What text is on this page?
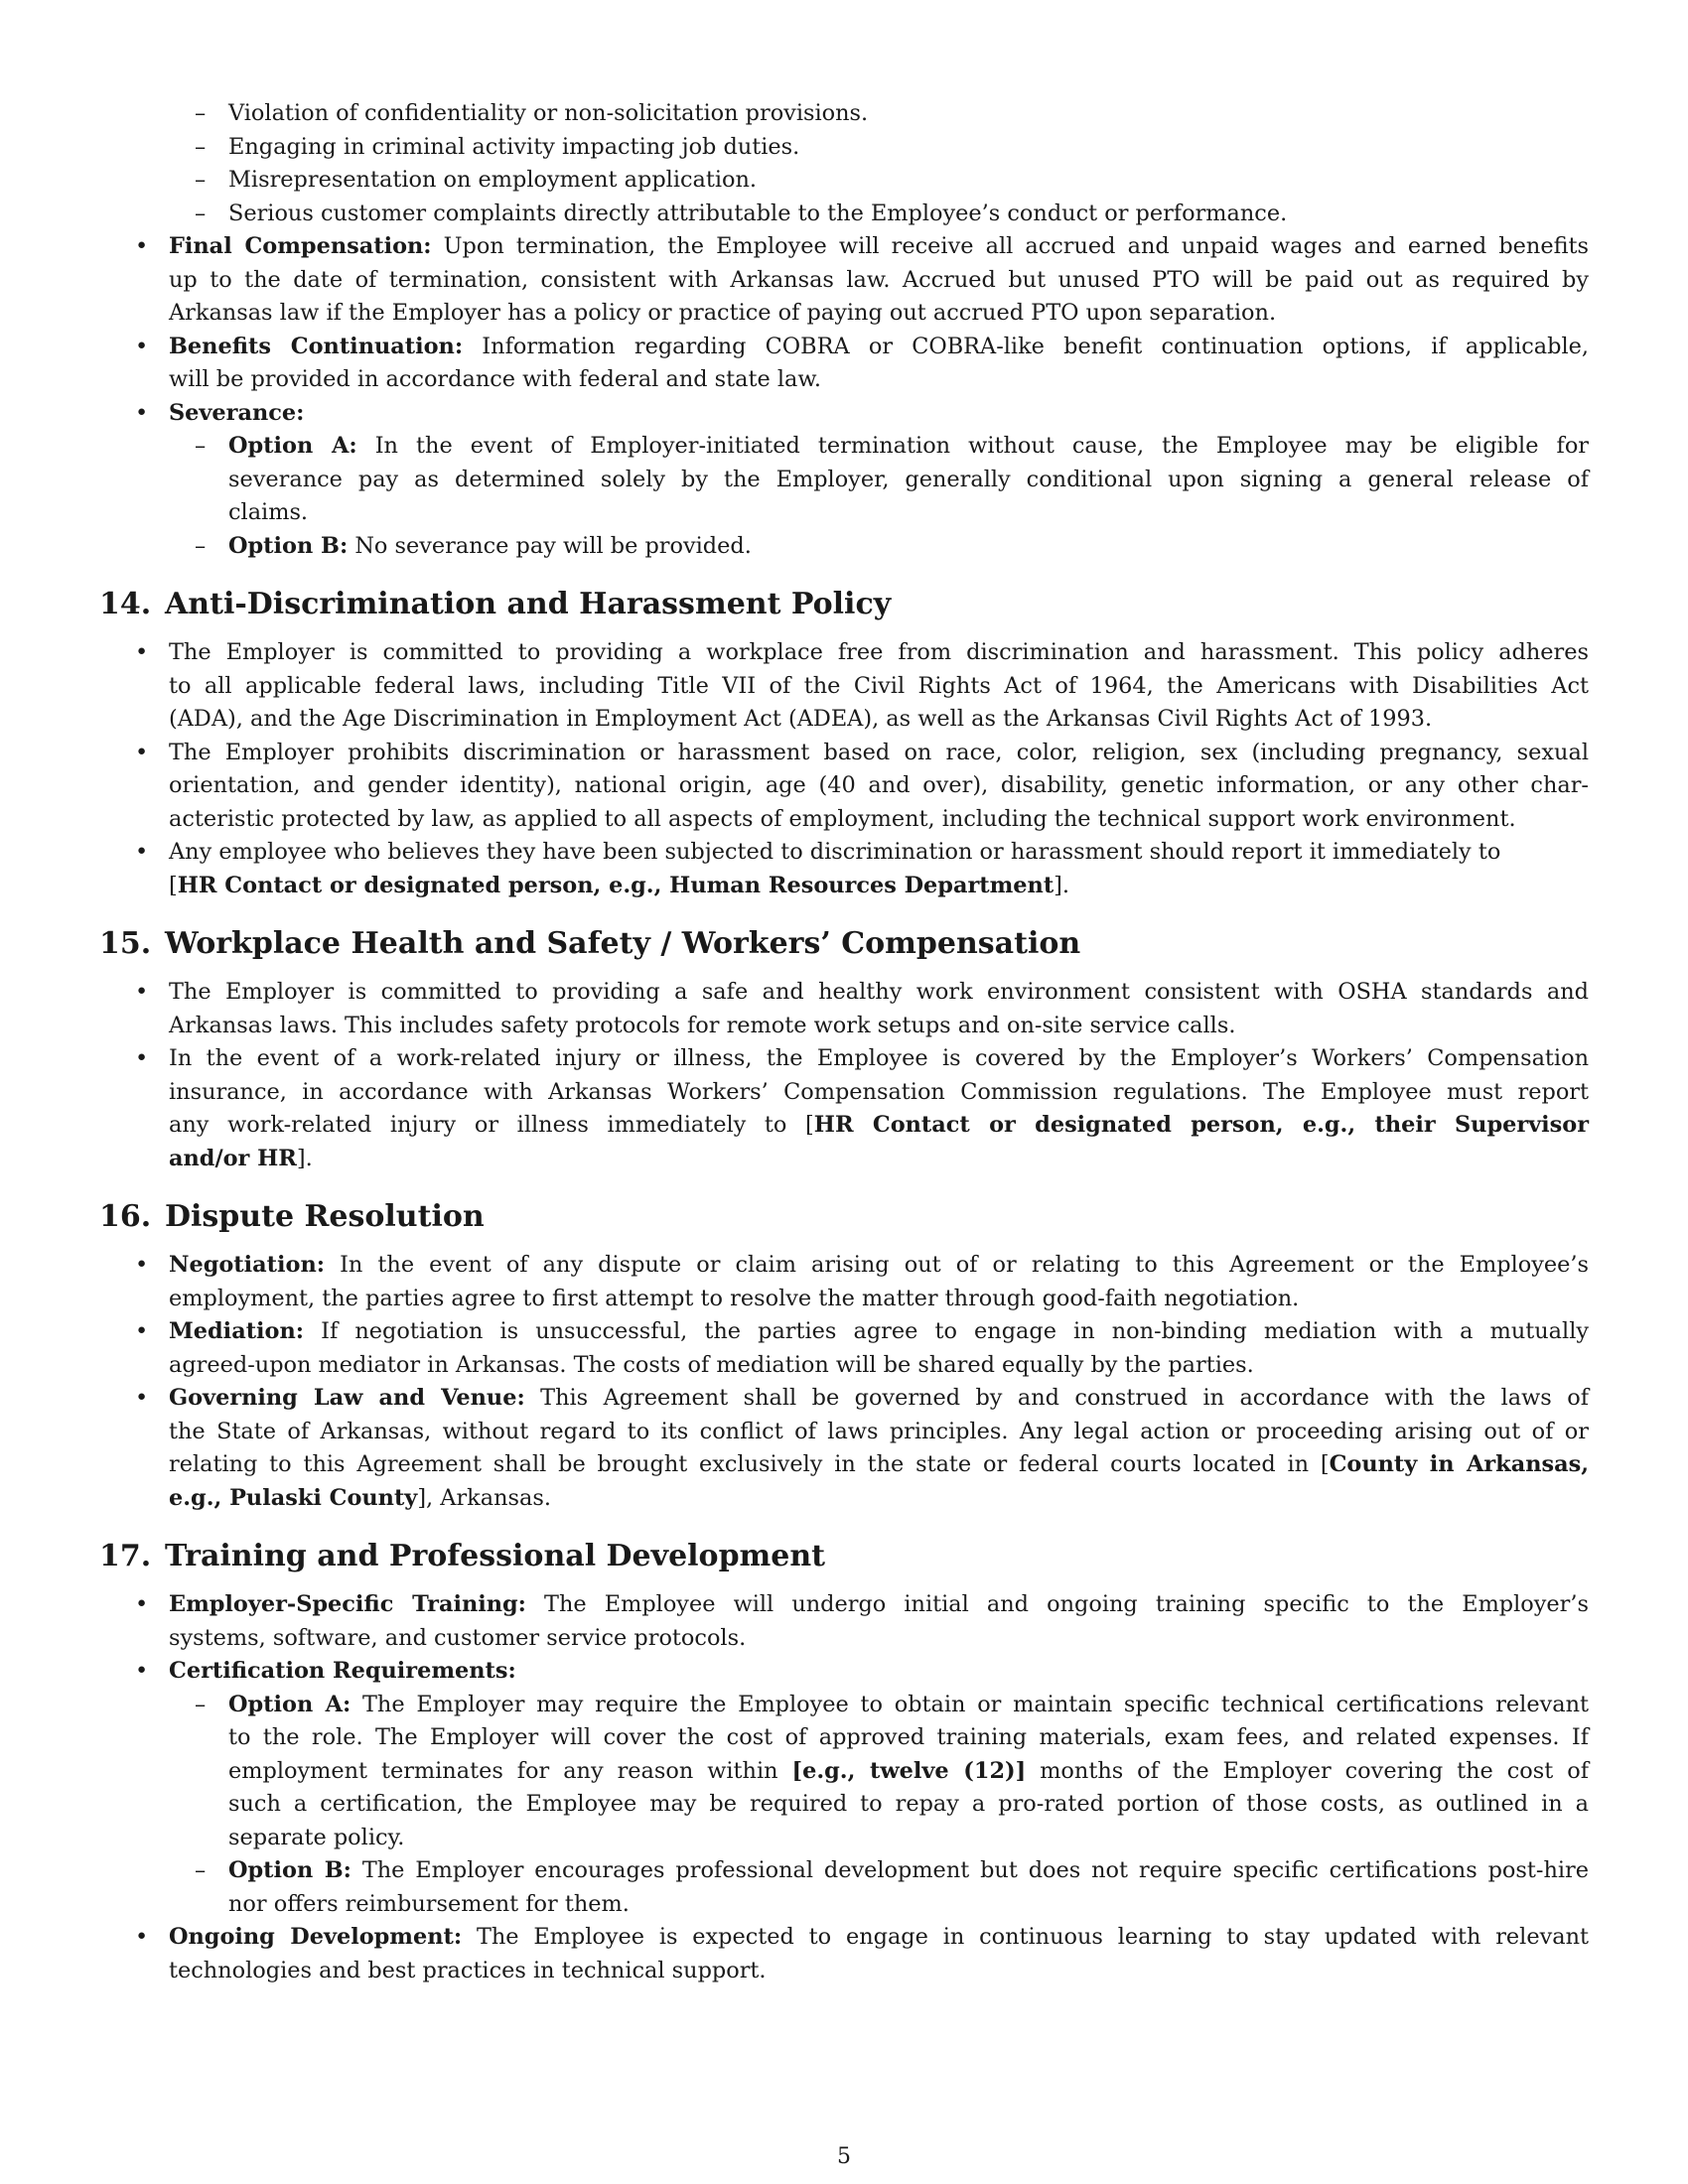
– Violation of confidentiality or non-solicitation provisions.
– Engaging in criminal activity impacting job duties.
– Misrepresentation on employment application.
– Serious customer complaints directly attributable to the Employee’s conduct or performance.
• Final Compensation: Upon termination, the Employee will receive all accrued and unpaid wages and earned benefits
up to the date of termination, consistent with Arkansas law. Accrued but unused PTO will be paid out as required by
Arkansas law if the Employer has a policy or practice of paying out accrued PTO upon separation.
• Benefits Continuation: Information regarding COBRA or COBRA-like benefit continuation options, if applicable,
will be provided in accordance with federal and state law.
• Severance:
– Option A: In the event of Employer-initiated termination without cause, the Employee may be eligible for
severance pay as determined solely by the Employer, generally conditional upon signing a general release of
claims.
– Option B: No severance pay will be provided.
14. Anti-Discrimination and Harassment Policy
• The Employer is committed to providing a workplace free from discrimination and harassment. This policy adheres
to all applicable federal laws, including Title VII of the Civil Rights Act of 1964, the Americans with Disabilities Act
(ADA), and the Age Discrimination in Employment Act (ADEA), as well as the Arkansas Civil Rights Act of 1993.
• The Employer prohibits discrimination or harassment based on race, color, religion, sex (including pregnancy, sexual
orientation, and gender identity), national origin, age (40 and over), disability, genetic information, or any other char-
acteristic protected by law, as applied to all aspects of employment, including the technical support work environment.
• Any employee who believes they have been subjected to discrimination or harassment should report it immediately to
[HR Contact or designated person, e.g., Human Resources Department].
15. Workplace Health and Safety / Workers’ Compensation
• The Employer is committed to providing a safe and healthy work environment consistent with OSHA standards and
Arkansas laws. This includes safety protocols for remote work setups and on-site service calls.
• In the event of a work-related injury or illness, the Employee is covered by the Employer’s Workers’ Compensation
insurance, in accordance with Arkansas Workers’ Compensation Commission regulations. The Employee must report
any work-related injury or illness immediately to [HR Contact or designated person, e.g., their Supervisor
and/or HR].
16. Dispute Resolution
• Negotiation: In the event of any dispute or claim arising out of or relating to this Agreement or the Employee’s
employment, the parties agree to first attempt to resolve the matter through good-faith negotiation.
• Mediation: If negotiation is unsuccessful, the parties agree to engage in non-binding mediation with a mutually
agreed-upon mediator in Arkansas. The costs of mediation will be shared equally by the parties.
• Governing Law and Venue: This Agreement shall be governed by and construed in accordance with the laws of
the State of Arkansas, without regard to its conflict of laws principles. Any legal action or proceeding arising out of or
relating to this Agreement shall be brought exclusively in the state or federal courts located in [County in Arkansas,
e.g., Pulaski County], Arkansas.
17. Training and Professional Development
• Employer-Specific Training: The Employee will undergo initial and ongoing training specific to the Employer’s
systems, software, and customer service protocols.
• Certification Requirements:
– Option A: The Employer may require the Employee to obtain or maintain specific technical certifications relevant
to the role. The Employer will cover the cost of approved training materials, exam fees, and related expenses. If
employment terminates for any reason within [e.g., twelve (12)] months of the Employer covering the cost of
such a certification, the Employee may be required to repay a pro-rated portion of those costs, as outlined in a
separate policy.
– Option B: The Employer encourages professional development but does not require specific certifications post-hire
nor offers reimbursement for them.
• Ongoing Development: The Employee is expected to engage in continuous learning to stay updated with relevant
technologies and best practices in technical support.
5
